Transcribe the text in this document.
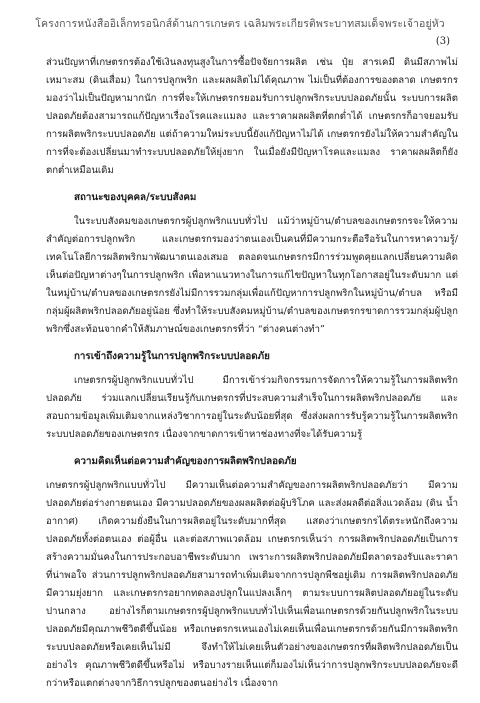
โครงการหนังสืออิเล็กทรอนิกส์ด้านการเกษตร เฉลิมพระเกียรติพระบาทสมเด็จพระเจ้าอยู่หัว
(3)

ส่วนปัญหาที่เกษตรกรต้องใช้เงินลงทุนสูงในการซื้อปัจจัยการผลิต เช่น ปุ๋ย สารเคมี ดินมีสภาพไม่เหมาะสม (ดินเสื่อม) ในการปลูกพริก และผลผลิตไม่ได้คุณภาพ ไม่เป็นที่ต้องการของตลาด เกษตรกรมองว่าไม่เป็นปัญหามากนัก การที่จะให้เกษตรกรยอมรับการปลูกพริกระบบปลอดภัยนั้น ระบบการผลิตปลอดภัยต้องสามารถแก้ปัญหาเรื่องโรคและแมลง และราคาผลผลิตที่ตกต่ำได้ เกษตรกรก็อาจยอมรับการผลิตพริกระบบปลอดภัย แต่ถ้าความใหม่ระบบนี้ยังแก้ปัญหาไม่ได้ เกษตรกรยังไม่ให้ความสำคัญในการที่จะต้องเปลี่ยนมาทำระบบปลอดภัยให้ยุ่งยาก ในเมื่อยังมีปัญหาโรคและแมลง ราคาผลผลิตก็ยังตกต่ำเหมือนเดิม

สถานะของบุคคล/ระบบสังคม

ในระบบสังคมของเกษตรกรผู้ปลูกพริกแบบทั่วไป แม้ว่าหมู่บ้าน/ตำบลของเกษตรกรจะให้ความสำคัญต่อการปลูกพริก และเกษตรกรมองว่าตนเองเป็นคนที่มีความกระตือรือร้นในการหาความรู้/เทคโนโลยีการผลิตพริกมาพัฒนาตนเองเสมอ ตลอดจนเกษตรกรมีการร่วมพูดคุยแลกเปลี่ยนความคิดเห็นต่อปัญหาต่างๆในการปลูกพริก เพื่อหาแนวทางในการแก้ไขปัญหาในทุกโอกาสอยู่ในระดับมาก แต่ในหมู่บ้าน/ตำบลของเกษตรกรยังไม่มีการรวมกลุ่มเพื่อแก้ปัญหาการปลูกพริกในหมู่บ้าน/ตำบล หรือมีกลุ่มผู้ผลิตพริกปลอดภัยอยู่น้อย ซึ่งทำให้ระบบสังคมหมู่บ้าน/ตำบลของเกษตรกรขาดการรวมกลุ่มผู้ปลูกพริกซึ่งสะท้อนจากคำให้สัมภาษณ์ของเกษตรกรที่ว่า “ต่างคนต่างทำ”

การเข้าถึงความรู้ในการปลูกพริกระบบปลอดภัย

เกษตรกรผู้ปลูกพริกแบบทั่วไป มีการเข้าร่วมกิจกรรมการจัดการให้ความรู้ในการผลิตพริกปลอดภัย ร่วมแลกเปลี่ยนเรียนรู้กับเกษตรกรที่ประสบความสำเร็จในการผลิตพริกปลอดภัย และสอบถามข้อมูลเพิ่มเติมจากแหล่งวิชาการอยู่ในระดับน้อยที่สุด ซึ่งส่งผลการรับรู้ความรู้ในการผลิตพริกระบบปลอดภัยของเกษตรกร เนื่องจากขาดการเข้าหาช่องทางที่จะได้รับความรู้

ความคิดเห็นต่อความสำคัญของการผลิตพริกปลอดภัย

เกษตรกรผู้ปลูกพริกแบบทั่วไป มีความเห็นต่อความสำคัญของการผลิตพริกปลอดภัยว่า มีความปลอดภัยต่อร่างกายตนเอง มีความปลอดภัยของผลผลิตต่อผู้บริโภค และส่งผลดีต่อสิ่งแวดล้อม (ดิน น้ำ อากาศ) เกิดความยั่งยืนในการผลิตอยู่ในระดับมากที่สุด แสดงว่าเกษตรกรได้ตระหนักถึงความปลอดภัยทั้งต่อตนเอง ต่อผู้อื่น และต่อสภาพแวดล้อม เกษตรกรเห็นว่า การผลิตพริกปลอดภัยเป็นการสร้างความมั่นคงในการประกอบอาชีพระดับมาก เพราะการผลิตพริกปลอดภัยมีตลาดรองรับและราคาที่น่าพอใจ ส่วนการปลูกพริกปลอดภัยสามารถทำเพิ่มเติมจากการปลูกพืชอยู่เดิม การผลิตพริกปลอดภัยมีความยุ่งยาก และเกษตรกรอยากทดลองปลูกในแปลงเล็กๆ ตามระบบการผลิตปลอดภัยอยู่ในระดับปานกลาง อย่างไรก็ตามเกษตรกรผู้ปลูกพริกแบบทั่วไปเห็นเพื่อนเกษตรกรด้วยกันปลูกพริกในระบบปลอดภัยมีคุณภาพชีวิตดีขึ้นน้อย หรือเกษตรกรเหนเองไม่เคยเห็นเพื่อนเกษตรกรด้วยกันมีการผลิตพริกระบบปลอดภัยหรือเคยเห็นไม่มี จึงทำให้ไม่เคยเห็นตัวอย่างของเกษตรกรที่ผลิตพริกปลอดภัยเป็นอย่างไร คุณภาพชีวิตดีขึ้นหรือไม่ หรือบางรายเห็นแต่ก็มองไม่เห็นว่าการปลูกพริกระบบปลอดภัยจะดีกว่าหรือแตกต่างจากวิธีการปลูกของตนอย่างไร เนื่องจาก
